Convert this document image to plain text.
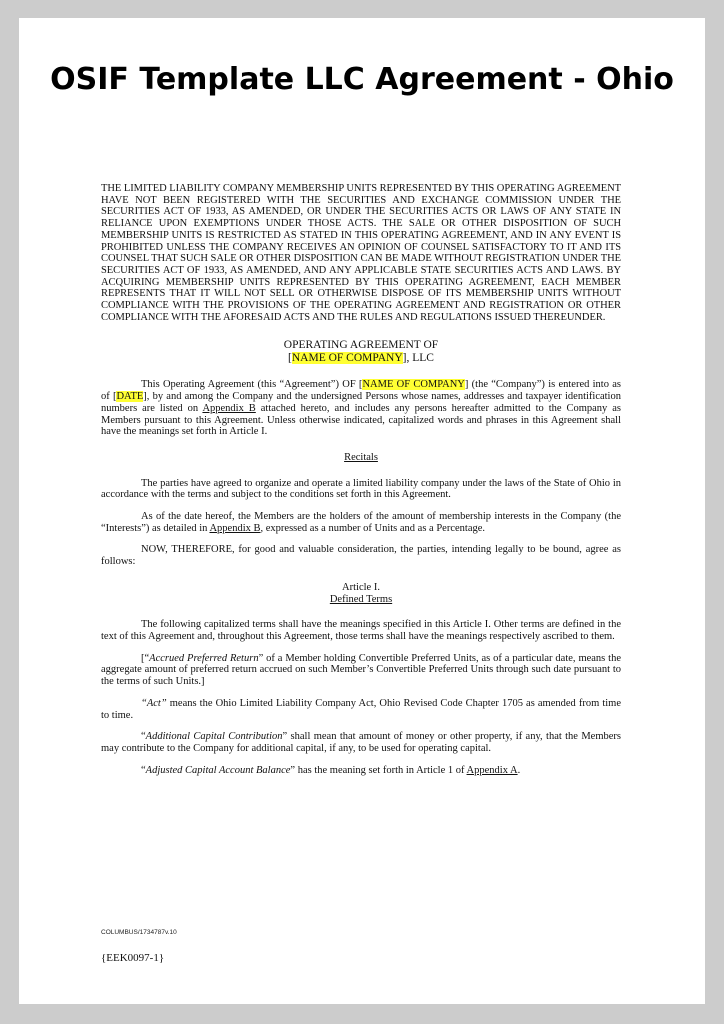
OSIF Template LLC Agreement - Ohio
THE LIMITED LIABILITY COMPANY MEMBERSHIP UNITS REPRESENTED BY THIS OPERATING AGREEMENT HAVE NOT BEEN REGISTERED WITH THE SECURITIES AND EXCHANGE COMMISSION UNDER THE SECURITIES ACT OF 1933, AS AMENDED, OR UNDER THE SECURITIES ACTS OR LAWS OF ANY STATE IN RELIANCE UPON EXEMPTIONS UNDER THOSE ACTS. THE SALE OR OTHER DISPOSITION OF SUCH MEMBERSHIP UNITS IS RESTRICTED AS STATED IN THIS OPERATING AGREEMENT, AND IN ANY EVENT IS PROHIBITED UNLESS THE COMPANY RECEIVES AN OPINION OF COUNSEL SATISFACTORY TO IT AND ITS COUNSEL THAT SUCH SALE OR OTHER DISPOSITION CAN BE MADE WITHOUT REGISTRATION UNDER THE SECURITIES ACT OF 1933, AS AMENDED, AND ANY APPLICABLE STATE SECURITIES ACTS AND LAWS. BY ACQUIRING MEMBERSHIP UNITS REPRESENTED BY THIS OPERATING AGREEMENT, EACH MEMBER REPRESENTS THAT IT WILL NOT SELL OR OTHERWISE DISPOSE OF ITS MEMBERSHIP UNITS WITHOUT COMPLIANCE WITH THE PROVISIONS OF THE OPERATING AGREEMENT AND REGISTRATION OR OTHER COMPLIANCE WITH THE AFORESAID ACTS AND THE RULES AND REGULATIONS ISSUED THEREUNDER.
OPERATING AGREEMENT OF
[NAME OF COMPANY], LLC

This Operating Agreement (this “Agreement”) OF [NAME OF COMPANY] (the “Company”) is entered into as of [DATE], by and among the Company and the undersigned Persons whose names, addresses and taxpayer identification numbers are listed on Appendix B attached hereto, and includes any persons hereafter admitted to the Company as Members pursuant to this Agreement. Unless otherwise indicated, capitalized words and phrases in this Agreement shall have the meanings set forth in Article I.

Recitals

The parties have agreed to organize and operate a limited liability company under the laws of the State of Ohio in accordance with the terms and subject to the conditions set forth in this Agreement.

As of the date hereof, the Members are the holders of the amount of membership interests in the Company (the “Interests”) as detailed in Appendix B, expressed as a number of Units and as a Percentage.

NOW, THEREFORE, for good and valuable consideration, the parties, intending legally to be bound, agree as follows:

Article I.
Defined Terms

The following capitalized terms shall have the meanings specified in this Article I. Other terms are defined in the text of this Agreement and, throughout this Agreement, those terms shall have the meanings respectively ascribed to them.

[“Accrued Preferred Return” of a Member holding Convertible Preferred Units, as of a particular date, means the aggregate amount of preferred return accrued on such Member’s Convertible Preferred Units through such date pursuant to the terms of such Units.]

“Act” means the Ohio Limited Liability Company Act, Ohio Revised Code Chapter 1705 as amended from time to time.

“Additional Capital Contribution” shall mean that amount of money or other property, if any, that the Members may contribute to the Company for additional capital, if any, to be used for operating capital.

“Adjusted Capital Account Balance” has the meaning set forth in Article 1 of Appendix A.

COLUMBUS/1734787v.10
{EEK0097-1}
